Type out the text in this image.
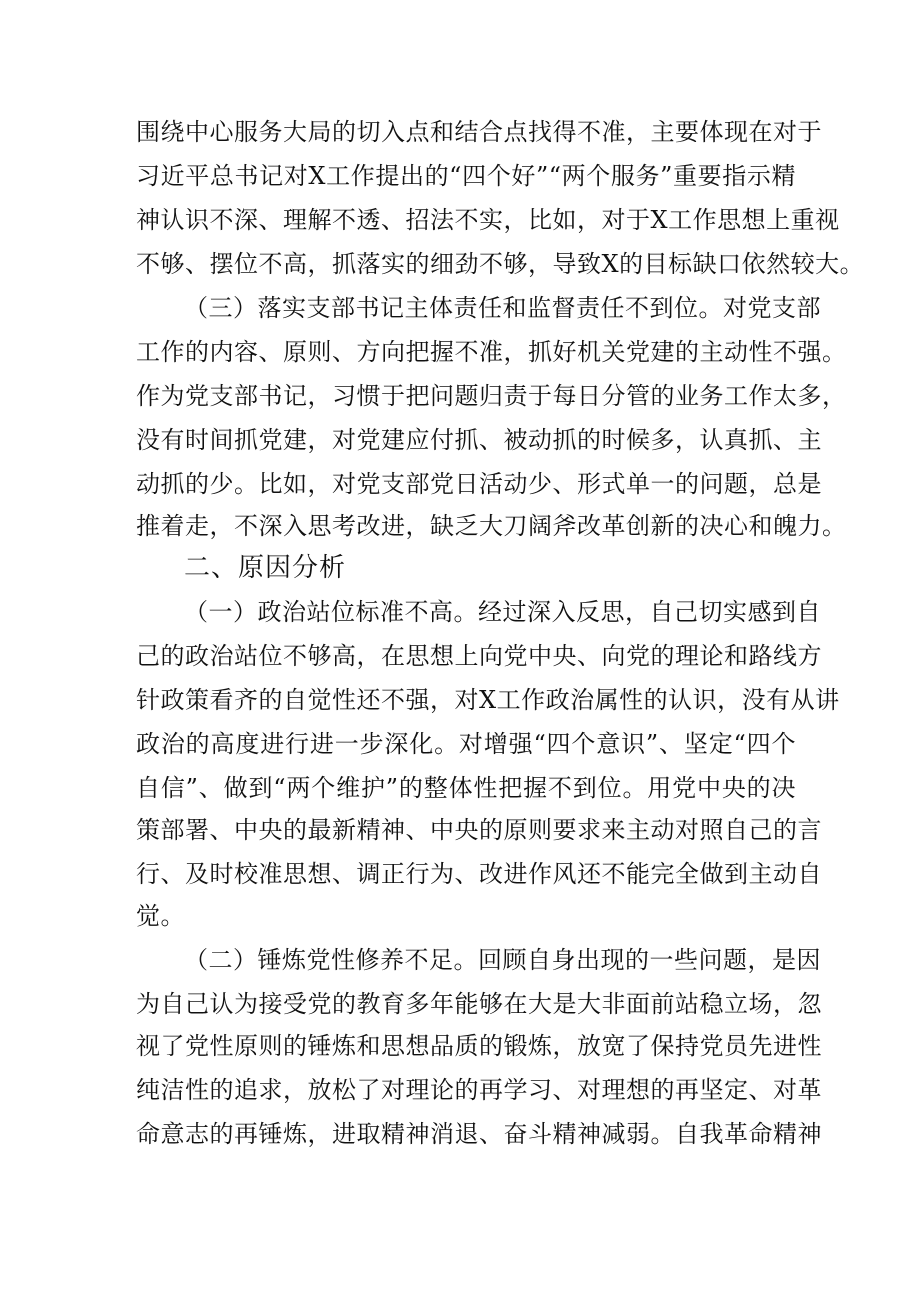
围绕中心服务大局的切入点和结合点找得不准，主要体现在对于
习近平总书记对X工作提出的“四个好”“两个服务”重要指示精
神认识不深、理解不透、招法不实，比如，对于X工作思想上重视
不够、摆位不高，抓落实的细劲不够，导致X的目标缺口依然较大。
（三）落实支部书记主体责任和监督责任不到位。对党支部
工作的内容、原则、方向把握不准，抓好机关党建的主动性不强。
作为党支部书记，习惯于把问题归责于每日分管的业务工作太多，
没有时间抓党建，对党建应付抓、被动抓的时候多，认真抓、主
动抓的少。比如，对党支部党日活动少、形式单一的问题，总是
推着走，不深入思考改进，缺乏大刀阔斧改革创新的决心和魄力。
二、原因分析
（一）政治站位标准不高。经过深入反思，自己切实感到自
己的政治站位不够高，在思想上向党中央、向党的理论和路线方
针政策看齐的自觉性还不强，对X工作政治属性的认识，没有从讲
政治的高度进行进一步深化。对增强“四个意识”、坚定“四个
自信”、做到“两个维护”的整体性把握不到位。用党中央的决
策部署、中央的最新精神、中央的原则要求来主动对照自己的言
行、及时校准思想、调正行为、改进作风还不能完全做到主动自
觉。
（二）锤炼党性修养不足。回顾自身出现的一些问题，是因
为自己认为接受党的教育多年能够在大是大非面前站稳立场，忽
视了党性原则的锤炼和思想品质的锻炼，放宽了保持党员先进性
纯洁性的追求，放松了对理论的再学习、对理想的再坚定、对革
命意志的再锤炼，进取精神消退、奋斗精神减弱。自我革命精神
